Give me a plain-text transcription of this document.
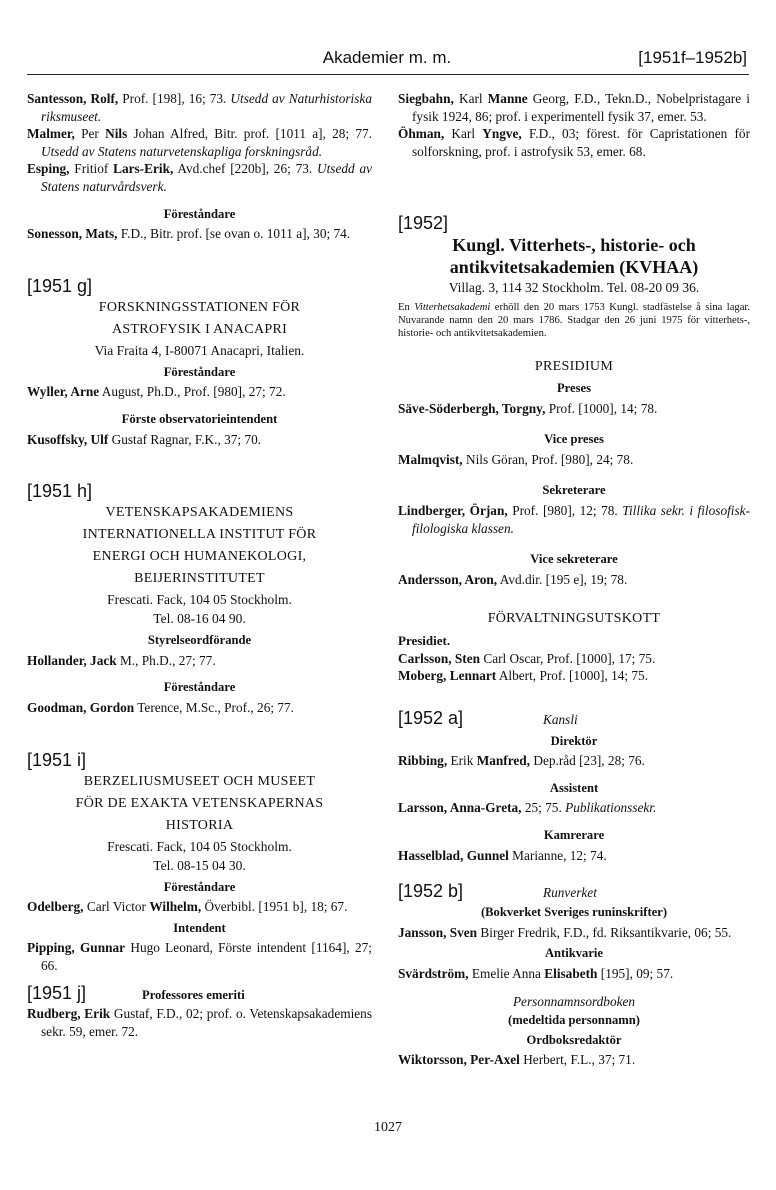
Akademier m. m.	[1951f–1952b]

Santesson, Rolf, Prof. [198], 16; 73. Utsedd av Naturhistoriska riksmuseet.

Malmer, Per Nils Johan Alfred, Bitr. prof. [1011 a], 28; 77. Utsedd av Statens naturvetenskapliga forskningsråd.

Esping, Fritiof Lars-Erik, Avd.chef [220b], 26; 73. Utsedd av Statens naturvårdsverk.

Föreståndare

Sonesson, Mats, F.D., Bitr. prof. [se ovan o. 1011 a], 30; 74.

[1951 g]
FORSKNINGSSTATIONEN FÖR
ASTROFYSIK I ANACAPRI
Via Fraita 4, I-80071 Anacapri, Italien.
Föreståndare

Wyller, Arne August, Ph.D., Prof. [980], 27; 72.

Förste observatorieintendent

Kusoffsky, Ulf Gustaf Ragnar, F.K., 37; 70.

[1951 h]
VETENSKAPSAKADEMIENS
INTERNATIONELLA INSTITUT FÖR
ENERGI OCH HUMANEKOLOGI,
BEIJERINSTITUTET
Frescati. Fack, 104 05 Stockholm.
Tel. 08-16 04 90.
Styrelseordförande

Hollander, Jack M., Ph.D., 27; 77.

Föreståndare

Goodman, Gordon Terence, M.Sc., Prof., 26; 77.

[1951 i]
BERZELIUSMUSEET OCH MUSEET
FÖR DE EXAKTA VETENSKAPERNAS
HISTORIA
Frescati. Fack, 104 05 Stockholm.
Tel. 08-15 04 30.
Föreståndare

Odelberg, Carl Victor Wilhelm, Överbibl. [1951 b], 18; 67.

Intendent

Pipping, Gunnar Hugo Leonard, Förste intendent [1164], 27; 66.

[1951 j]	Professores emeriti

Rudberg, Erik Gustaf, F.D., 02; prof. o. Vetenskapsakademiens sekr. 59, emer. 72.

Siegbahn, Karl Manne Georg, F.D., Tekn.D., Nobelpristagare i fysik 1924, 86; prof. i experimentell fysik 37, emer. 53.

Öhman, Karl Yngve, F.D., 03; förest. för Capristationen för solforskning, prof. i astrofysik 53, emer. 68.

[1952]
Kungl. Vitterhets-, historie- och
antikvitetsakademien (KVHAA)
Villag. 3, 114 32 Stockholm. Tel. 08-20 09 36.
En Vitterhetsakademi erhöll den 20 mars 1753 Kungl. stadfästelse å sina lagar. Nuvarande namn den 20 mars 1786. Stadgar den 26 juni 1975 för vitterhets-, historie- och antikvitetsakademien.
PRESIDIUM
Preses

Säve-Söderbergh, Torgny, Prof. [1000], 14; 78.

Vice preses

Malmqvist, Nils Göran, Prof. [980], 24; 78.

Sekreterare

Lindberger, Örjan, Prof. [980], 12; 78. Tillika sekr. i filosofisk-filologiska klassen.

Vice sekreterare

Andersson, Aron, Avd.dir. [195 e], 19; 78.

FÖRVALTNINGSUTSKOTT
Presidiet.

Carlsson, Sten Carl Oscar, Prof. [1000], 17; 75.

Moberg, Lennart Albert, Prof. [1000], 14; 75.

[1952 a]	Kansli
Direktör

Ribbing, Erik Manfred, Dep.råd [23], 28; 76.

Assistent

Larsson, Anna-Greta, 25; 75. Publikationssekr.

Kamrerare

Hasselblad, Gunnel Marianne, 12; 74.

[1952 b]	Runverket
(Bokverket Sveriges runinskrifter)

Jansson, Sven Birger Fredrik, F.D., fd. Riksantikvarie, 06; 55.

Antikvarie

Svärdström, Emelie Anna Elisabeth [195], 09; 57.

Personnamnsordboken
(medeltida personnamn)
Ordboksredaktör

Wiktorsson, Per-Axel Herbert, F.L., 37; 71.

1027
